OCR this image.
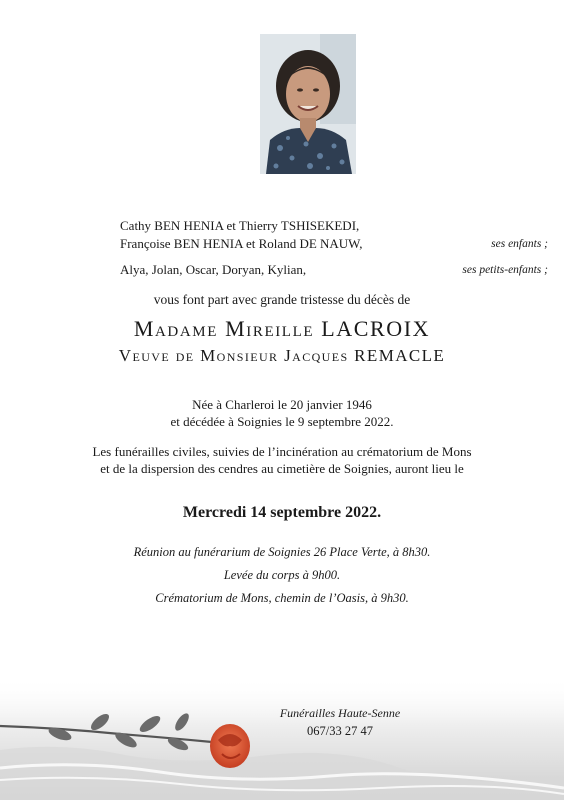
Cathy BEN HENIA et Thierry TSHISEKEDI,
Françoise BEN HENIA et Roland DE NAUW,	ses enfants ;
Alya, Jolan, Oscar, Doryan, Kylian,	ses petits-enfants ;
vous font part avec grande tristesse du décès de
Madame Mireille LACROIX
Veuve de Monsieur Jacques REMACLE
Née à Charleroi le 20 janvier 1946
et décédée à Soignies le 9 septembre 2022.
Les funérailles civiles, suivies de l’incinération au crématorium de Mons
et de la dispersion des cendres au cimetière de Soignies, auront lieu le
Mercredi 14 septembre 2022.
Réunion au funérarium de Soignies 26 Place Verte, à 8h30.
Levée du corps à 9h00.
Crématorium de Mons, chemin de l’Oasis, à 9h30.
Funérailles Haute-Senne
067/33 27 47
